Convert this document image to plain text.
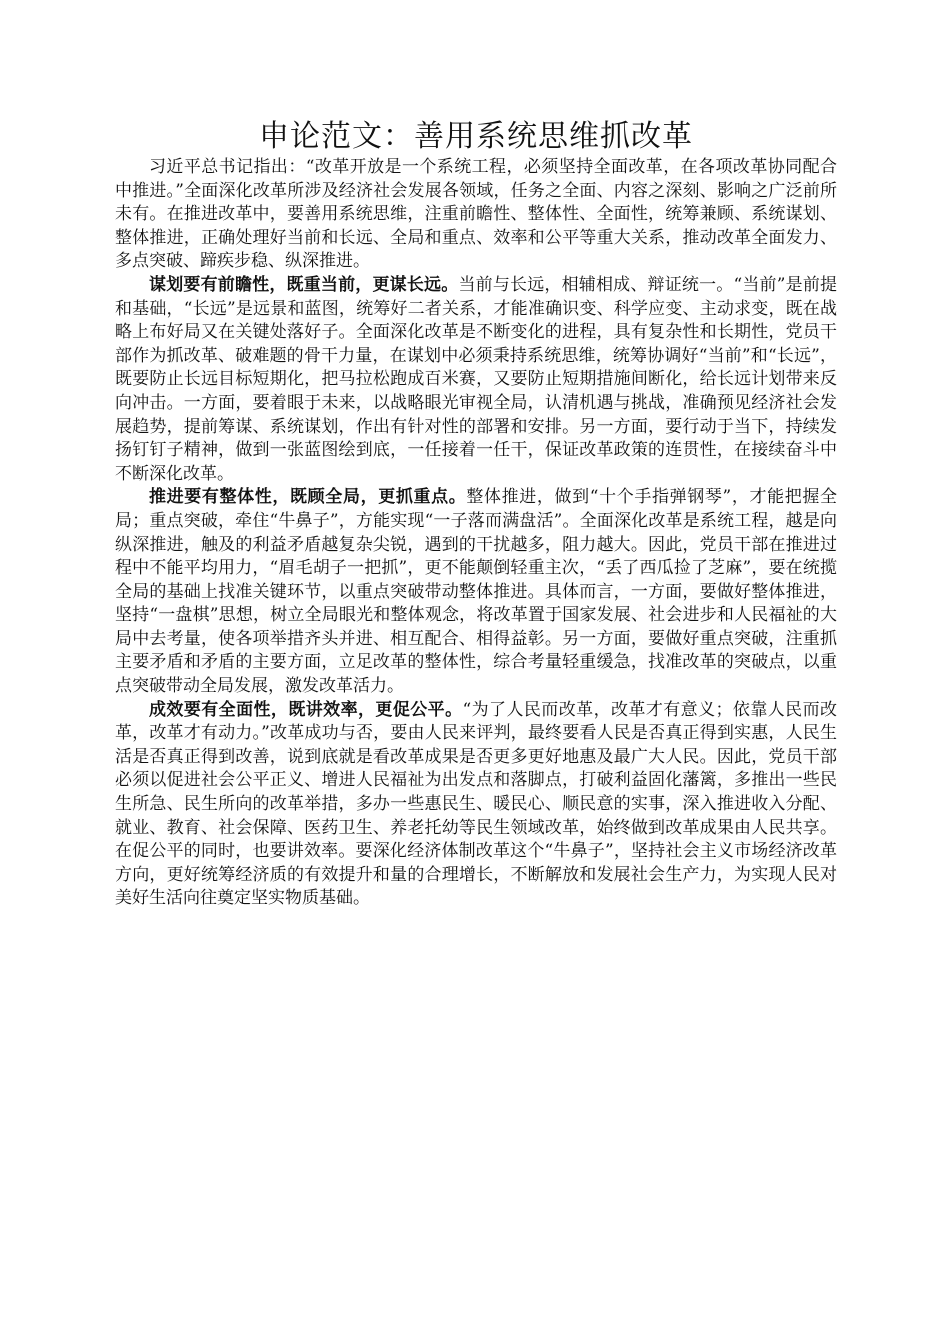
申论范文：善用系统思维抓改革

习近平总书记指出：“改革开放是一个系统工程，必须坚持全面改革，在各项改革协同配合中推进。”全面深化改革所涉及经济社会发展各领域，任务之全面、内容之深刻、影响之广泛前所未有。在推进改革中，要善用系统思维，注重前瞻性、整体性、全面性，统筹兼顾、系统谋划、整体推进，正确处理好当前和长远、全局和重点、效率和公平等重大关系，推动改革全面发力、多点突破、蹄疾步稳、纵深推进。

谋划要有前瞻性，既重当前，更谋长远。当前与长远，相辅相成、辩证统一。“当前”是前提和基础，“长远”是远景和蓝图，统筹好二者关系，才能准确识变、科学应变、主动求变，既在战略上布好局又在关键处落好子。全面深化改革是不断变化的进程，具有复杂性和长期性，党员干部作为抓改革、破难题的骨干力量，在谋划中必须秉持系统思维，统筹协调好“当前”和“长远”，既要防止长远目标短期化，把马拉松跑成百米赛，又要防止短期措施间断化，给长远计划带来反向冲击。一方面，要着眼于未来，以战略眼光审视全局，认清机遇与挑战，准确预见经济社会发展趋势，提前筹谋、系统谋划，作出有针对性的部署和安排。另一方面，要行动于当下，持续发扬钉钉子精神，做到一张蓝图绘到底，一任接着一任干，保证改革政策的连贯性，在接续奋斗中不断深化改革。

推进要有整体性，既顾全局，更抓重点。整体推进，做到“十个手指弹钢琴”，才能把握全局；重点突破，牵住“牛鼻子”，方能实现“一子落而满盘活”。全面深化改革是系统工程，越是向纵深推进，触及的利益矛盾越复杂尖锐，遇到的干扰越多，阻力越大。因此，党员干部在推进过程中不能平均用力，“眉毛胡子一把抓”，更不能颠倒轻重主次，“丢了西瓜捡了芝麻”，要在统揽全局的基础上找准关键环节，以重点突破带动整体推进。具体而言，一方面，要做好整体推进，坚持“一盘棋”思想，树立全局眼光和整体观念，将改革置于国家发展、社会进步和人民福祉的大局中去考量，使各项举措齐头并进、相互配合、相得益彰。另一方面，要做好重点突破，注重抓主要矛盾和矛盾的主要方面，立足改革的整体性，综合考量轻重缓急，找准改革的突破点，以重点突破带动全局发展，激发改革活力。

成效要有全面性，既讲效率，更促公平。“为了人民而改革，改革才有意义；依靠人民而改革，改革才有动力。”改革成功与否，要由人民来评判，最终要看人民是否真正得到实惠，人民生活是否真正得到改善，说到底就是看改革成果是否更多更好地惠及最广大人民。因此，党员干部必须以促进社会公平正义、增进人民福祉为出发点和落脚点，打破利益固化藩篱，多推出一些民生所急、民生所向的改革举措，多办一些惠民生、暖民心、顺民意的实事，深入推进收入分配、就业、教育、社会保障、医药卫生、养老托幼等民生领域改革，始终做到改革成果由人民共享。在促公平的同时，也要讲效率。要深化经济体制改革这个“牛鼻子”，坚持社会主义市场经济改革方向，更好统筹经济质的有效提升和量的合理增长，不断解放和发展社会生产力，为实现人民对美好生活向往奠定坚实物质基础。
